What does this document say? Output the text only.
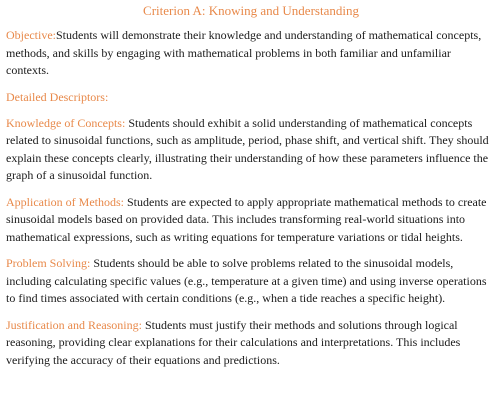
Criterion A: Knowing and Understanding
Objective:Students will demonstrate their knowledge and understanding of mathematical concepts, methods, and skills by engaging with mathematical problems in both familiar and unfamiliar contexts.
Detailed Descriptors:
Knowledge of Concepts: Students should exhibit a solid understanding of mathematical concepts related to sinusoidal functions, such as amplitude, period, phase shift, and vertical shift. They should explain these concepts clearly, illustrating their understanding of how these parameters influence the graph of a sinusoidal function.
Application of Methods: Students are expected to apply appropriate mathematical methods to create sinusoidal models based on provided data. This includes transforming real-world situations into mathematical expressions, such as writing equations for temperature variations or tidal heights.
Problem Solving: Students should be able to solve problems related to the sinusoidal models, including calculating specific values (e.g., temperature at a given time) and using inverse operations to find times associated with certain conditions (e.g., when a tide reaches a specific height).
Justification and Reasoning: Students must justify their methods and solutions through logical reasoning, providing clear explanations for their calculations and interpretations. This includes verifying the accuracy of their equations and predictions.
